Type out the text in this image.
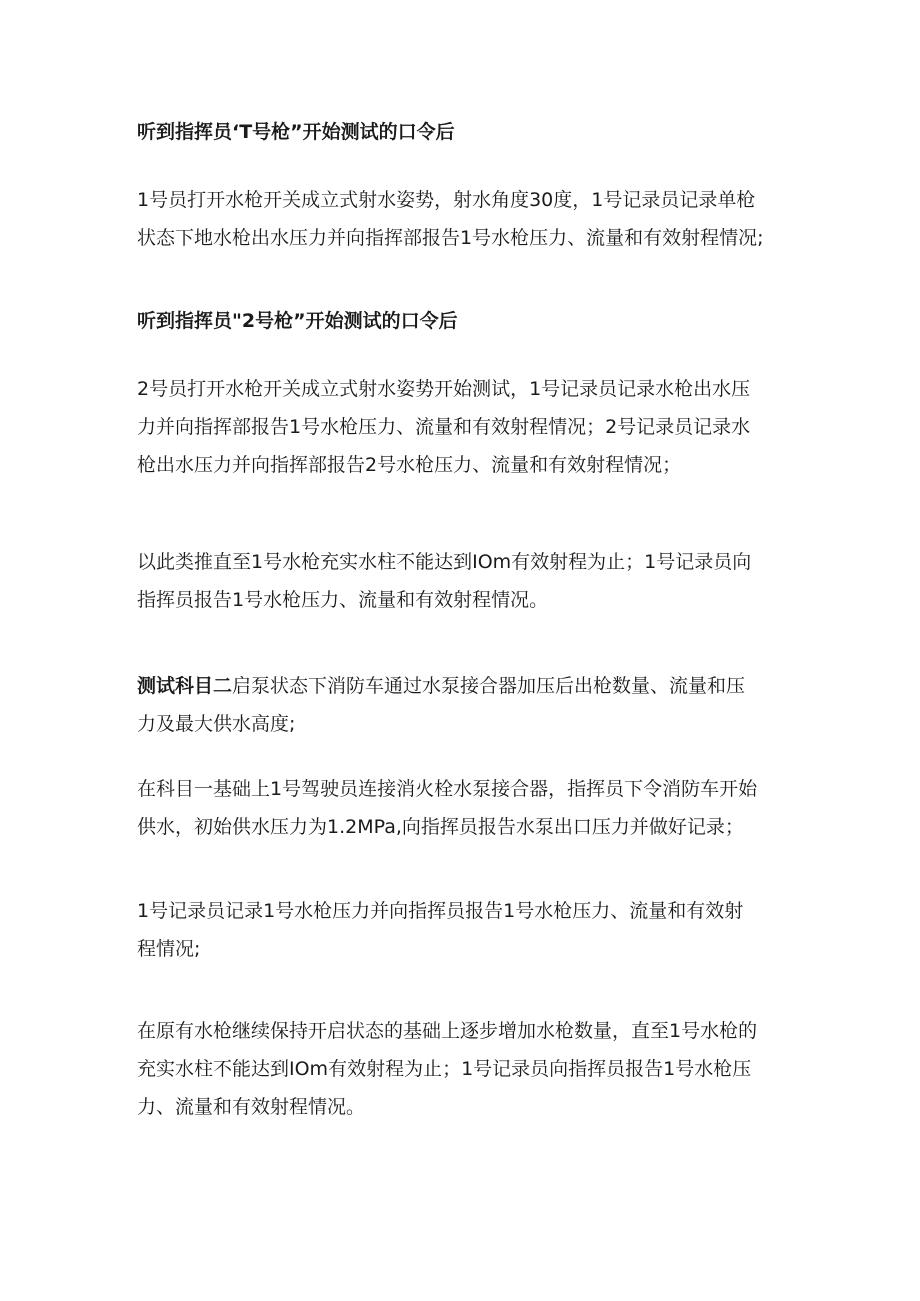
听到指挥员‘T号枪”开始测试的口令后

1号员打开水枪开关成立式射水姿势，射水角度30度，1号记录员记录单枪
状态下地水枪出水压力并向指挥部报告1号水枪压力、流量和有效射程情况;

听到指挥员"2号枪”开始测试的口令后

2号员打开水枪开关成立式射水姿势开始测试，1号记录员记录水枪出水压
力并向指挥部报告1号水枪压力、流量和有效射程情况；2号记录员记录水
枪出水压力并向指挥部报告2号水枪压力、流量和有效射程情况；

以此类推直至1号水枪充实水柱不能达到IOm有效射程为止；1号记录员向
指挥员报告1号水枪压力、流量和有效射程情况。

测试科目二启泵状态下消防车通过水泵接合器加压后出枪数量、流量和压
力及最大供水高度;

在科目一基础上1号驾驶员连接消火栓水泵接合器，指挥员下令消防车开始
供水，初始供水压力为1.2MPa,向指挥员报告水泵出口压力并做好记录；

1号记录员记录1号水枪压力并向指挥员报告1号水枪压力、流量和有效射
程情况;

在原有水枪继续保持开启状态的基础上逐步增加水枪数量，直至1号水枪的
充实水柱不能达到IOm有效射程为止；1号记录员向指挥员报告1号水枪压
力、流量和有效射程情况。
